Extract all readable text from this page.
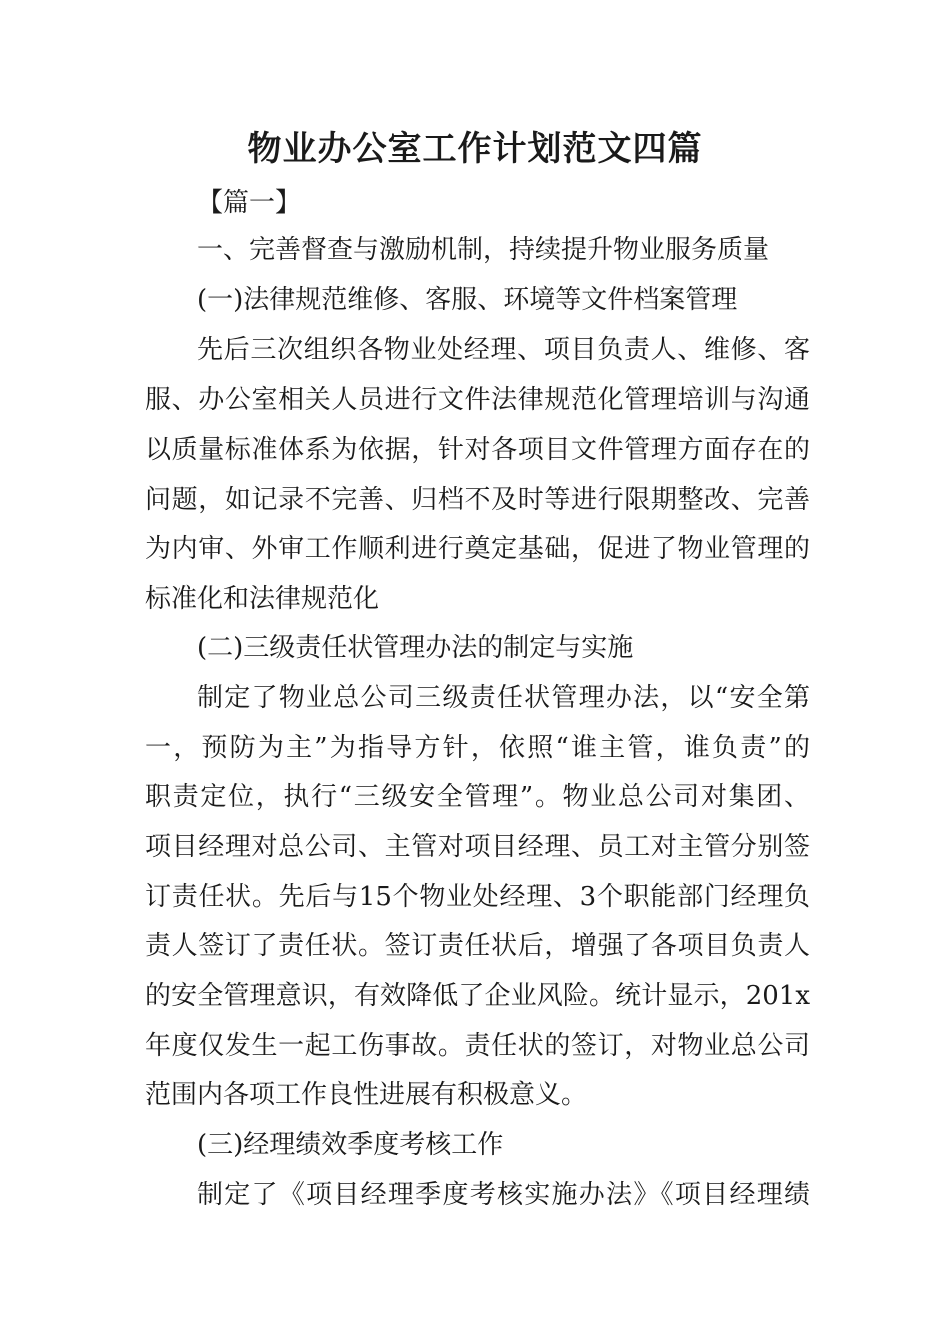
物业办公室工作计划范文四篇

【篇一】

一、完善督查与激励机制，持续提升物业服务质量

(一)法律规范维修、客服、环境等文件档案管理

先后三次组织各物业处经理、项目负责人、维修、客

服、办公室相关人员进行文件法律规范化管理培训与沟通

以质量标准体系为依据，针对各项目文件管理方面存在的

问题，如记录不完善、归档不及时等进行限期整改、完善

为内审、外审工作顺利进行奠定基础，促进了物业管理的

标准化和法律规范化

(二)三级责任状管理办法的制定与实施

制定了物业总公司三级责任状管理办法，以“安全第

一，预防为主”为指导方针，依照“谁主管，谁负责”的

职责定位，执行“三级安全管理”。物业总公司对集团、

项目经理对总公司、主管对项目经理、员工对主管分别签

订责任状。先后与15个物业处经理、3个职能部门经理负

责人签订了责任状。签订责任状后，增强了各项目负责人

的安全管理意识，有效降低了企业风险。统计显示，201x

年度仅发生一起工伤事故。责任状的签订，对物业总公司

范围内各项工作良性进展有积极意义。

(三)经理绩效季度考核工作

制定了《项目经理季度考核实施办法》《项目经理绩
